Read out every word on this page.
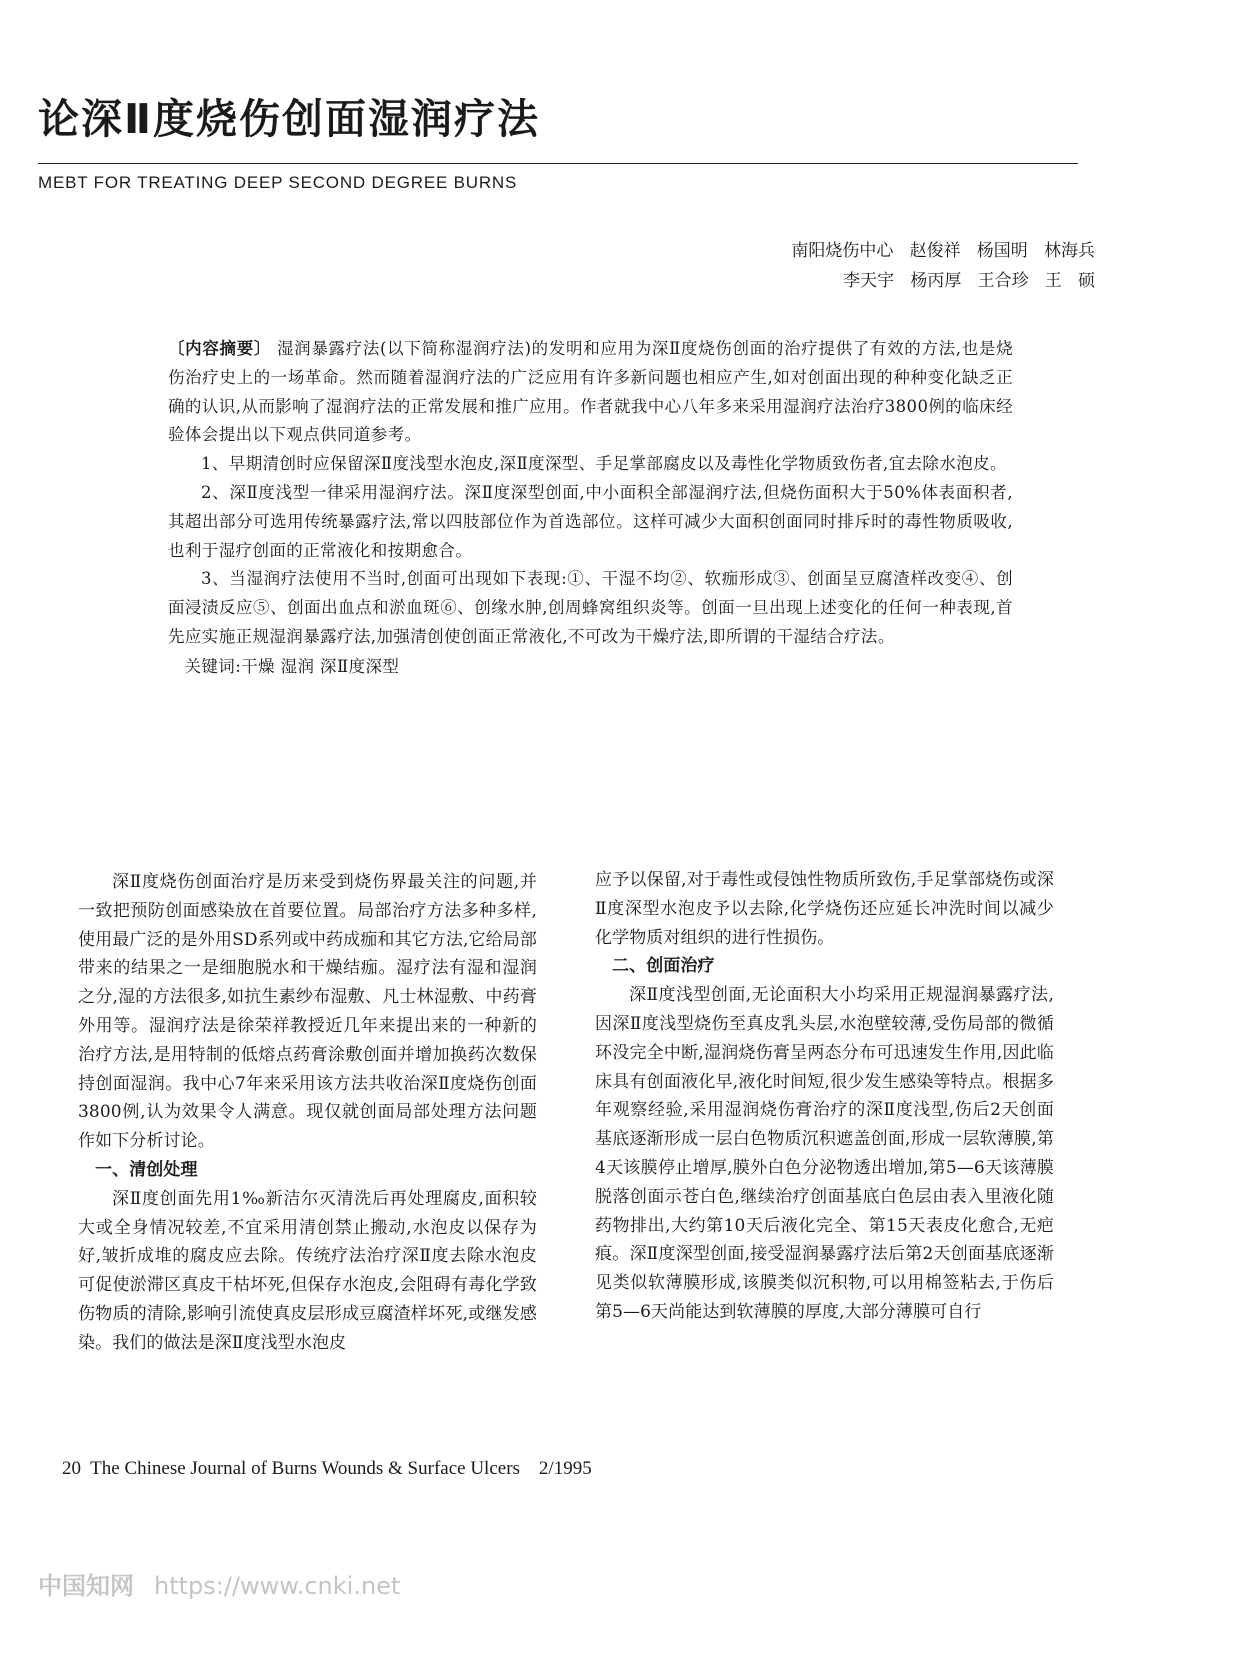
论深Ⅱ度烧伤创面湿润疗法
MEBT FOR TREATING DEEP SECOND DEGREE BURNS
南阳烧伤中心   赵俊祥   杨国明   林海兵
李天宇   杨丙厚   王合珍   王   硕

〔内容摘要〕 湿润暴露疗法(以下简称湿润疗法)的发明和应用为深Ⅱ度烧伤创面的治疗提供了有效的方法,也是烧伤治疗史上的一场革命。然而随着湿润疗法的广泛应用有许多新问题也相应产生,如对创面出现的种种变化缺乏正确的认识,从而影响了湿润疗法的正常发展和推广应用。作者就我中心八年多来采用湿润疗法治疗3800例的临床经验体会提出以下观点供同道参考。

1、早期清创时应保留深Ⅱ度浅型水泡皮,深Ⅱ度深型、手足掌部腐皮以及毒性化学物质致伤者,宜去除水泡皮。

2、深Ⅱ度浅型一律采用湿润疗法。深Ⅱ度深型创面,中小面积全部湿润疗法,但烧伤面积大于50%体表面积者,其超出部分可选用传统暴露疗法,常以四肢部位作为首选部位。这样可减少大面积创面同时排斥时的毒性物质吸收,也利于湿疗创面的正常液化和按期愈合。

3、当湿润疗法使用不当时,创面可出现如下表现:①、干湿不均②、软痂形成③、创面呈豆腐渣样改变④、创面浸渍反应⑤、创面出血点和淤血斑⑥、创缘水肿,创周蜂窝组织炎等。创面一旦出现上述变化的任何一种表现,首先应实施正规湿润暴露疗法,加强清创使创面正常液化,不可改为干燥疗法,即所谓的干湿结合疗法。

关键词:干燥 湿润 深Ⅱ度深型

深Ⅱ度烧伤创面治疗是历来受到烧伤界最关注的问题,并一致把预防创面感染放在首要位置。局部治疗方法多种多样,使用最广泛的是外用SD系列或中药成痂和其它方法,它给局部带来的结果之一是细胞脱水和干燥结痂。湿疗法有湿和湿润之分,湿的方法很多,如抗生素纱布湿敷、凡士林湿敷、中药膏外用等。湿润疗法是徐荣祥教授近几年来提出来的一种新的治疗方法,是用特制的低熔点药膏涂敷创面并增加换药次数保持创面湿润。我中心7年来采用该方法共收治深Ⅱ度烧伤创面3800例,认为效果令人满意。现仅就创面局部处理方法问题作如下分析讨论。

一、清创处理

深Ⅱ度创面先用1‰新洁尔灭清洗后再处理腐皮,面积较大或全身情况较差,不宜采用清创禁止搬动,水泡皮以保存为好,皱折成堆的腐皮应去除。传统疗法治疗深Ⅱ度去除水泡皮可促使淤滞区真皮干枯坏死,但保存水泡皮,会阻碍有毒化学致伤物质的清除,影响引流使真皮层形成豆腐渣样坏死,或继发感染。我们的做法是深Ⅱ度浅型水泡皮

应予以保留,对于毒性或侵蚀性物质所致伤,手足掌部烧伤或深Ⅱ度深型水泡皮予以去除,化学烧伤还应延长冲洗时间以减少化学物质对组织的进行性损伤。

二、创面治疗

深Ⅱ度浅型创面,无论面积大小均采用正规湿润暴露疗法,因深Ⅱ度浅型烧伤至真皮乳头层,水泡壁较薄,受伤局部的微循环没完全中断,湿润烧伤膏呈两态分布可迅速发生作用,因此临床具有创面液化早,液化时间短,很少发生感染等特点。根据多年观察经验,采用湿润烧伤膏治疗的深Ⅱ度浅型,伤后2天创面基底逐渐形成一层白色物质沉积遮盖创面,形成一层软薄膜,第4天该膜停止增厚,膜外白色分泌物透出增加,第5—6天该薄膜脱落创面示苍白色,继续治疗创面基底白色层由表入里液化随药物排出,大约第10天后液化完全、第15天表皮化愈合,无疤痕。深Ⅱ度深型创面,接受湿润暴露疗法后第2天创面基底逐渐见类似软薄膜形成,该膜类似沉积物,可以用棉签粘去,于伤后第5—6天尚能达到软薄膜的厚度,大部分薄膜可自行

20  The Chinese Journal of Burns Wounds & Surface Ulcers    2/1995
中国知网 https://www.cnki.net
